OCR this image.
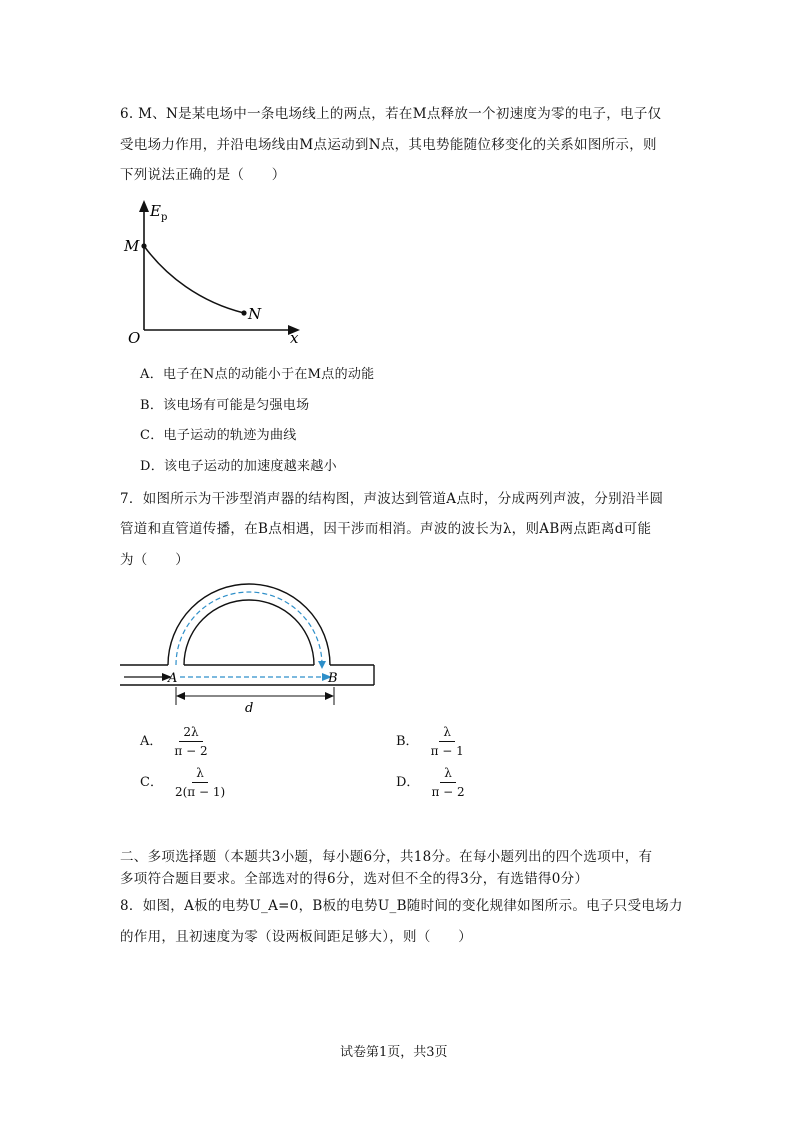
6. M、N是某电场中一条电场线上的两点，若在M点释放一个初速度为零的电子，电子仅
受电场力作用，并沿电场线由M点运动到N点，其电势能随位移变化的关系如图所示，则
下列说法正确的是（　　）
E p
M
N
O	x
A．电子在N点的动能小于在M点的动能
B．该电场有可能是匀强电场
C．电子运动的轨迹为曲线
D．该电子运动的加速度越来越小
7．如图所示为干涉型消声器的结构图，声波达到管道A点时，分成两列声波，分别沿半圆
管道和直管道传播，在B点相遇，因干涉而相消。声波的波长为λ，则AB两点距离d可能
为（　　）
A	B
d
A． $\frac{2\lambda}{\pi - 2}$	B． $\frac{\lambda}{\pi - 1}$
C． $\frac{\lambda}{2(\pi - 1)}$	D． $\frac{\lambda}{\pi - 2}$
二、多项选择题（本题共3小题，每小题6分，共18分。在每小题列出的四个选项中，有
多项符合题目要求。全部选对的得6分，选对但不全的得3分，有选错得0分）
8．如图，A板的电势U_A=0，B板的电势U_B随时间的变化规律如图所示。电子只受电场力
的作用，且初速度为零（设两板间距足够大），则（　　）
试卷第1页，共3页
